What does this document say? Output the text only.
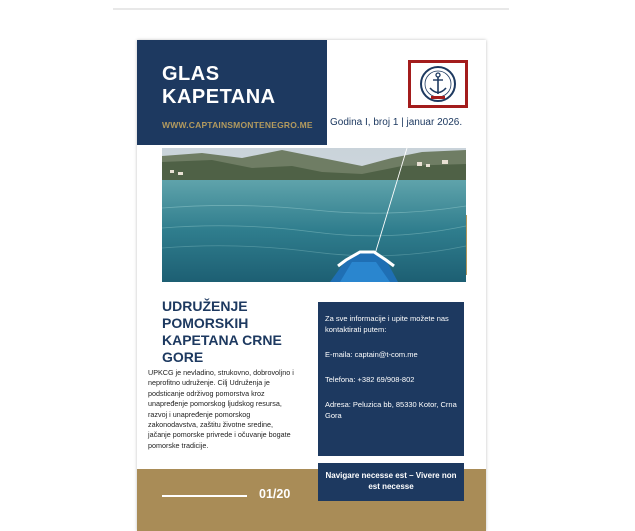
GLAS
KAPETANA
WWW.CAPTAINSMONTENEGRO.ME Godina I, broj 1 | januar 2026.
UDRUŽENJE POMORSKIH KAPETANA CRNE GORE

UPKCG je nevladino, strukovno, dobrovoljno i neprofitno udruženje. Cilj Udruženja je podsticanje održivog pomorstva kroz unapređenje pomorskog ljudskog resursa, razvoj i unapređenje pomorskog zakonodavstva, zaštitu životne sredine, jačanje pomorske privrede i očuvanje bogate pomorske tradicije.

Za sve informacije i upite možete nas kontaktirati putem:

E-maila: captain@t-com.me

Telefona: +382 69/908-802

Adresa: Peluzica bb, 85330 Kotor, Crna Gora

01/20
Navigare necesse est – Vivere non est necesse
